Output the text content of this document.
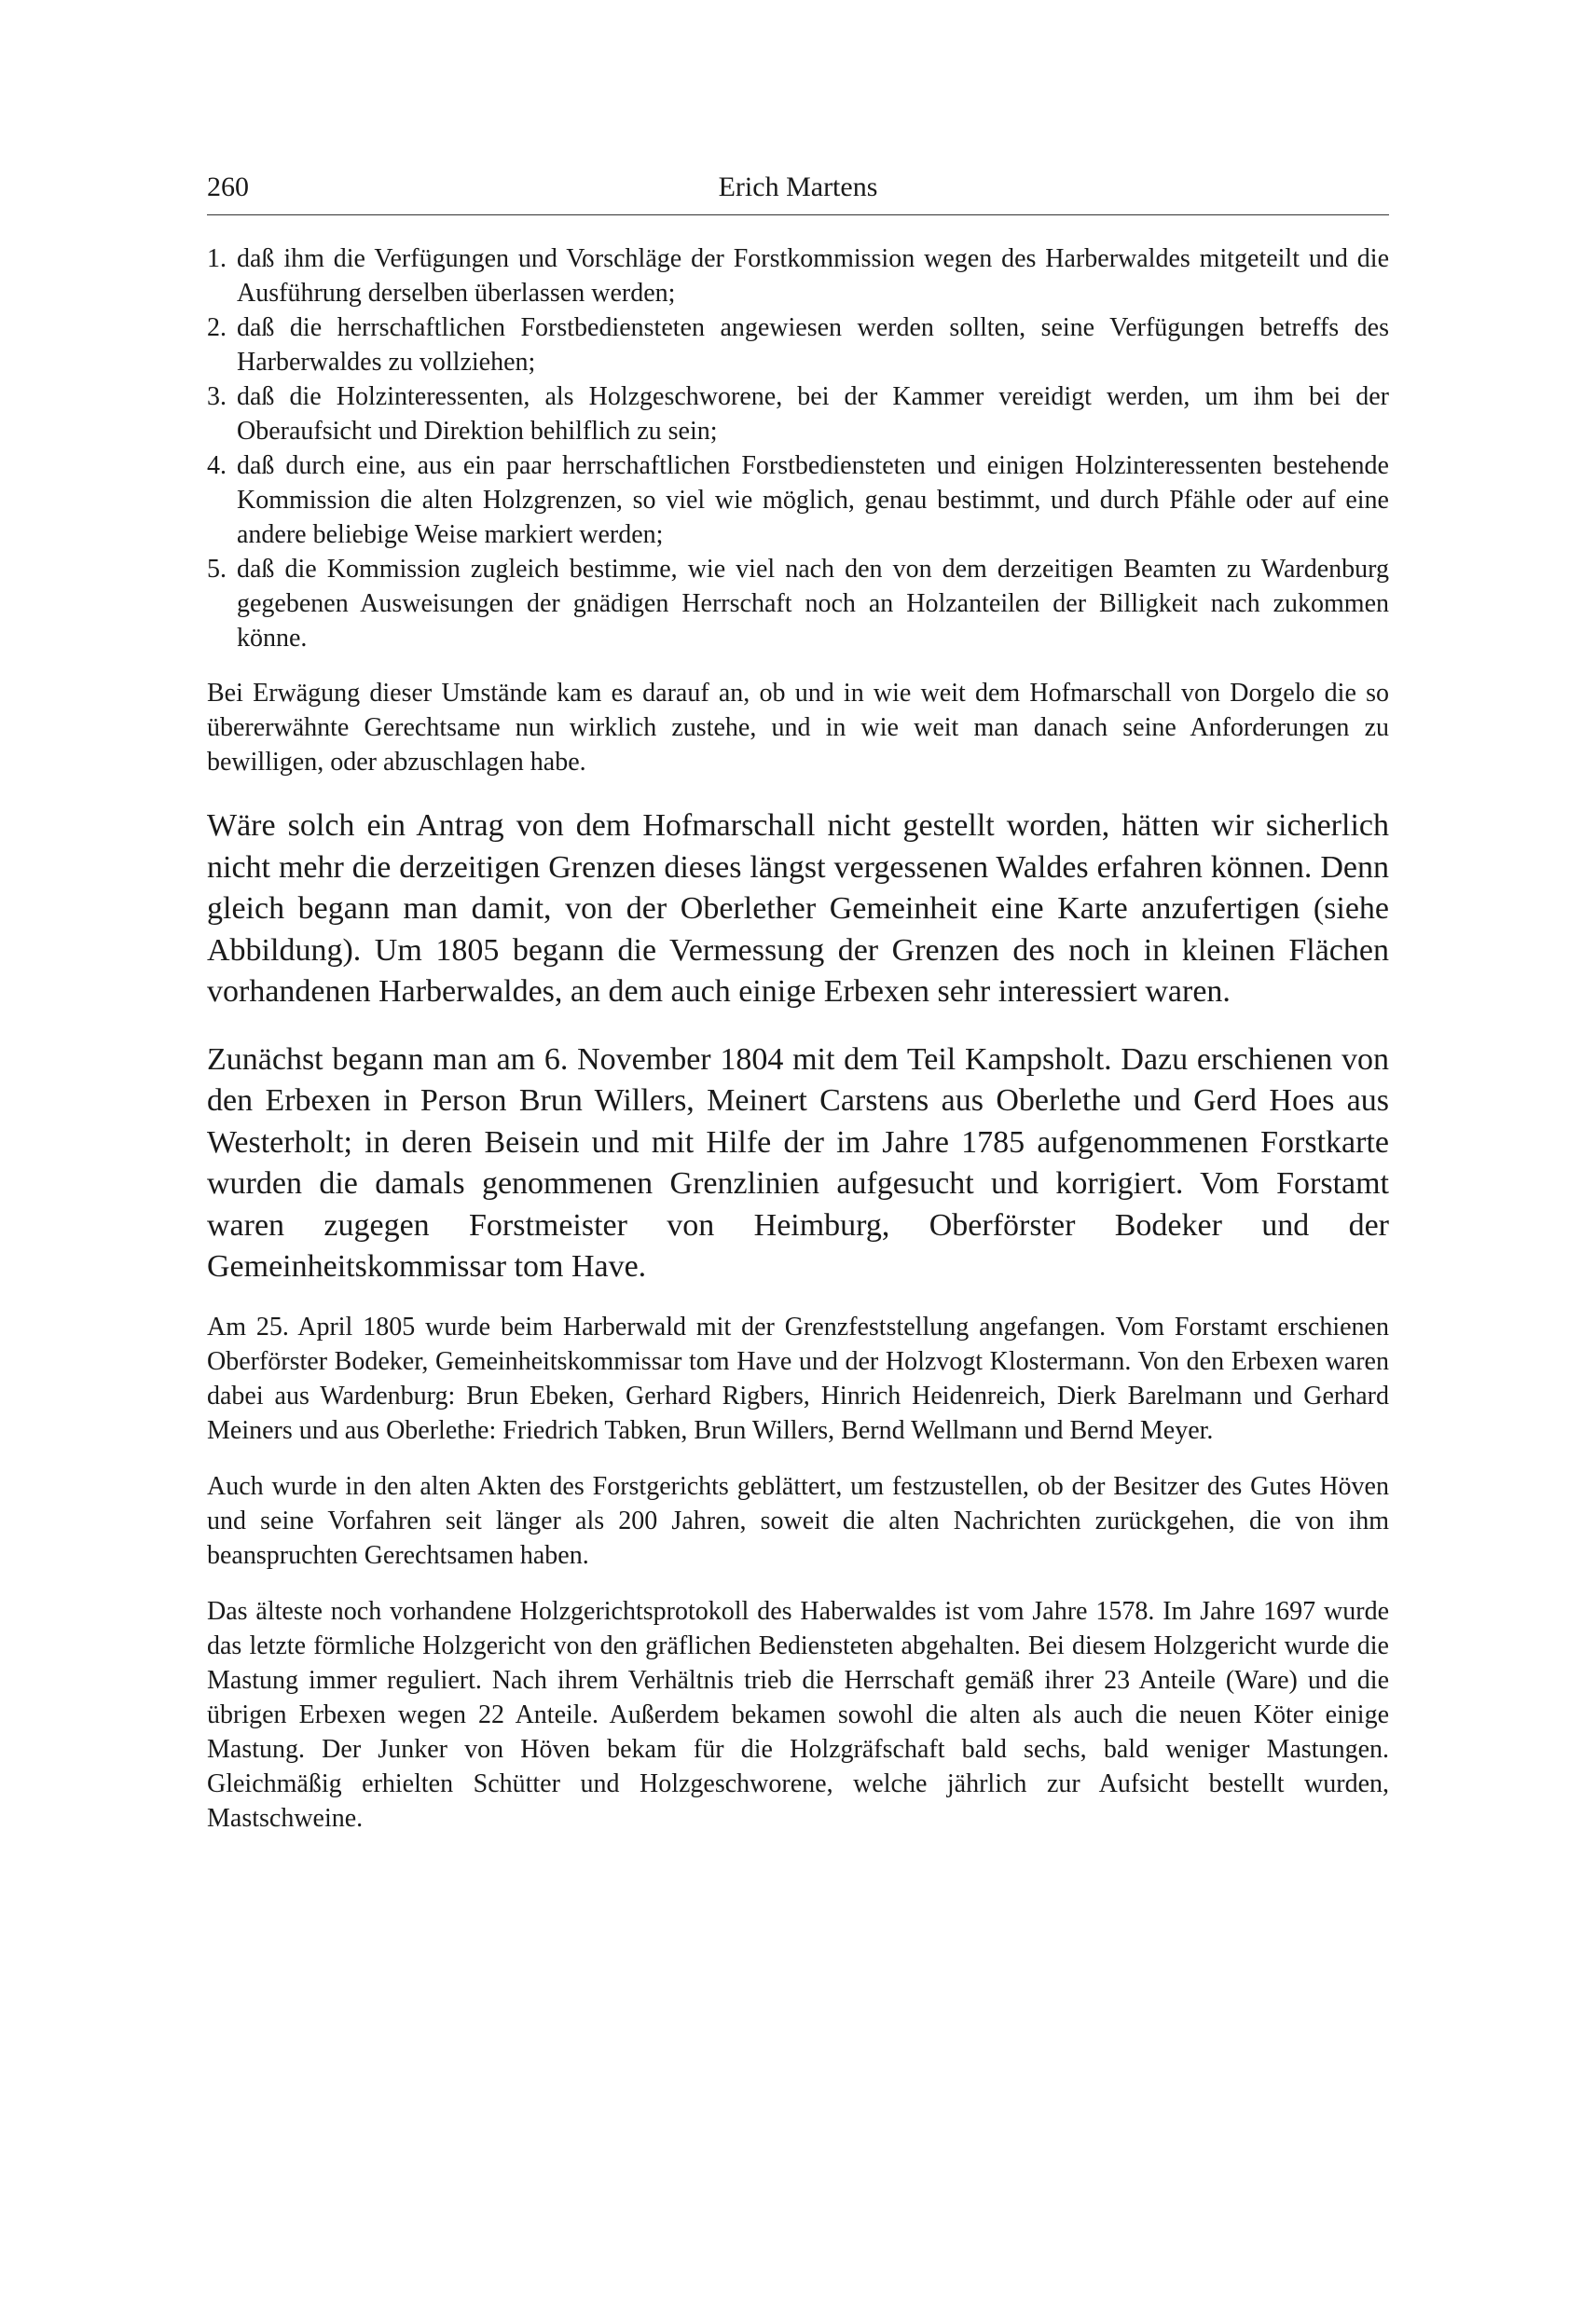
260	Erich Martens
1. daß ihm die Verfügungen und Vorschläge der Forstkommission wegen des Harberwaldes mitgeteilt und die Ausführung derselben überlassen werden;
2. daß die herrschaftlichen Forstbediensteten angewiesen werden sollten, seine Verfügungen betreffs des Harberwaldes zu vollziehen;
3. daß die Holzinteressenten, als Holzgeschworene, bei der Kammer vereidigt werden, um ihm bei der Oberaufsicht und Direktion behilflich zu sein;
4. daß durch eine, aus ein paar herrschaftlichen Forstbediensteten und einigen Holzinteressenten bestehende Kommission die alten Holzgrenzen, so viel wie möglich, genau bestimmt, und durch Pfähle oder auf eine andere beliebige Weise markiert werden;
5. daß die Kommission zugleich bestimme, wie viel nach den von dem derzeitigen Beamten zu Wardenburg gegebenen Ausweisungen der gnädigen Herrschaft noch an Holzanteilen der Billigkeit nach zukommen könne.

Bei Erwägung dieser Umstände kam es darauf an, ob und in wie weit dem Hofmarschall von Dorgelo die so übererwähnte Gerechtsame nun wirklich zustehe, und in wie weit man danach seine Anforderungen zu bewilligen, oder abzuschlagen habe.

Wäre solch ein Antrag von dem Hofmarschall nicht gestellt worden, hätten wir sicherlich nicht mehr die derzeitigen Grenzen dieses längst vergessenen Waldes erfahren können. Denn gleich begann man damit, von der Oberlether Gemeinheit eine Karte anzufertigen (siehe Abbildung). Um 1805 begann die Vermessung der Grenzen des noch in kleinen Flächen vorhandenen Harberwaldes, an dem auch einige Erbexen sehr interessiert waren.

Zunächst begann man am 6. November 1804 mit dem Teil Kampsholt. Dazu erschienen von den Erbexen in Person Brun Willers, Meinert Carstens aus Oberlethe und Gerd Hoes aus Westerholt; in deren Beisein und mit Hilfe der im Jahre 1785 aufgenommenen Forstkarte wurden die damals genommenen Grenzlinien aufgesucht und korrigiert. Vom Forstamt waren zugegen Forstmeister von Heimburg, Oberförster Bodeker und der Gemeinheitskommissar tom Have.

Am 25. April 1805 wurde beim Harberwald mit der Grenzfeststellung angefangen. Vom Forstamt erschienen Oberförster Bodeker, Gemeinheitskommissar tom Have und der Holzvogt Klostermann. Von den Erbexen waren dabei aus Wardenburg: Brun Ebeken, Gerhard Rigbers, Hinrich Heidenreich, Dierk Barelmann und Gerhard Meiners und aus Oberlethe: Friedrich Tabken, Brun Willers, Bernd Wellmann und Bernd Meyer.

Auch wurde in den alten Akten des Forstgerichts geblättert, um festzustellen, ob der Besitzer des Gutes Höven und seine Vorfahren seit länger als 200 Jahren, soweit die alten Nachrichten zurückgehen, die von ihm beanspruchten Gerechtsamen haben.

Das älteste noch vorhandene Holzgerichtsprotokoll des Haberwaldes ist vom Jahre 1578. Im Jahre 1697 wurde das letzte förmliche Holzgericht von den gräflichen Bediensteten abgehalten. Bei diesem Holzgericht wurde die Mastung immer reguliert. Nach ihrem Verhältnis trieb die Herrschaft gemäß ihrer 23 Anteile (Ware) und die übrigen Erbexen wegen 22 Anteile. Außerdem bekamen sowohl die alten als auch die neuen Köter einige Mastung. Der Junker von Höven bekam für die Holzgräfschaft bald sechs, bald weniger Mastungen. Gleichmäßig erhielten Schütter und Holzgeschworene, welche jährlich zur Aufsicht bestellt wurden, Mastschweine.
